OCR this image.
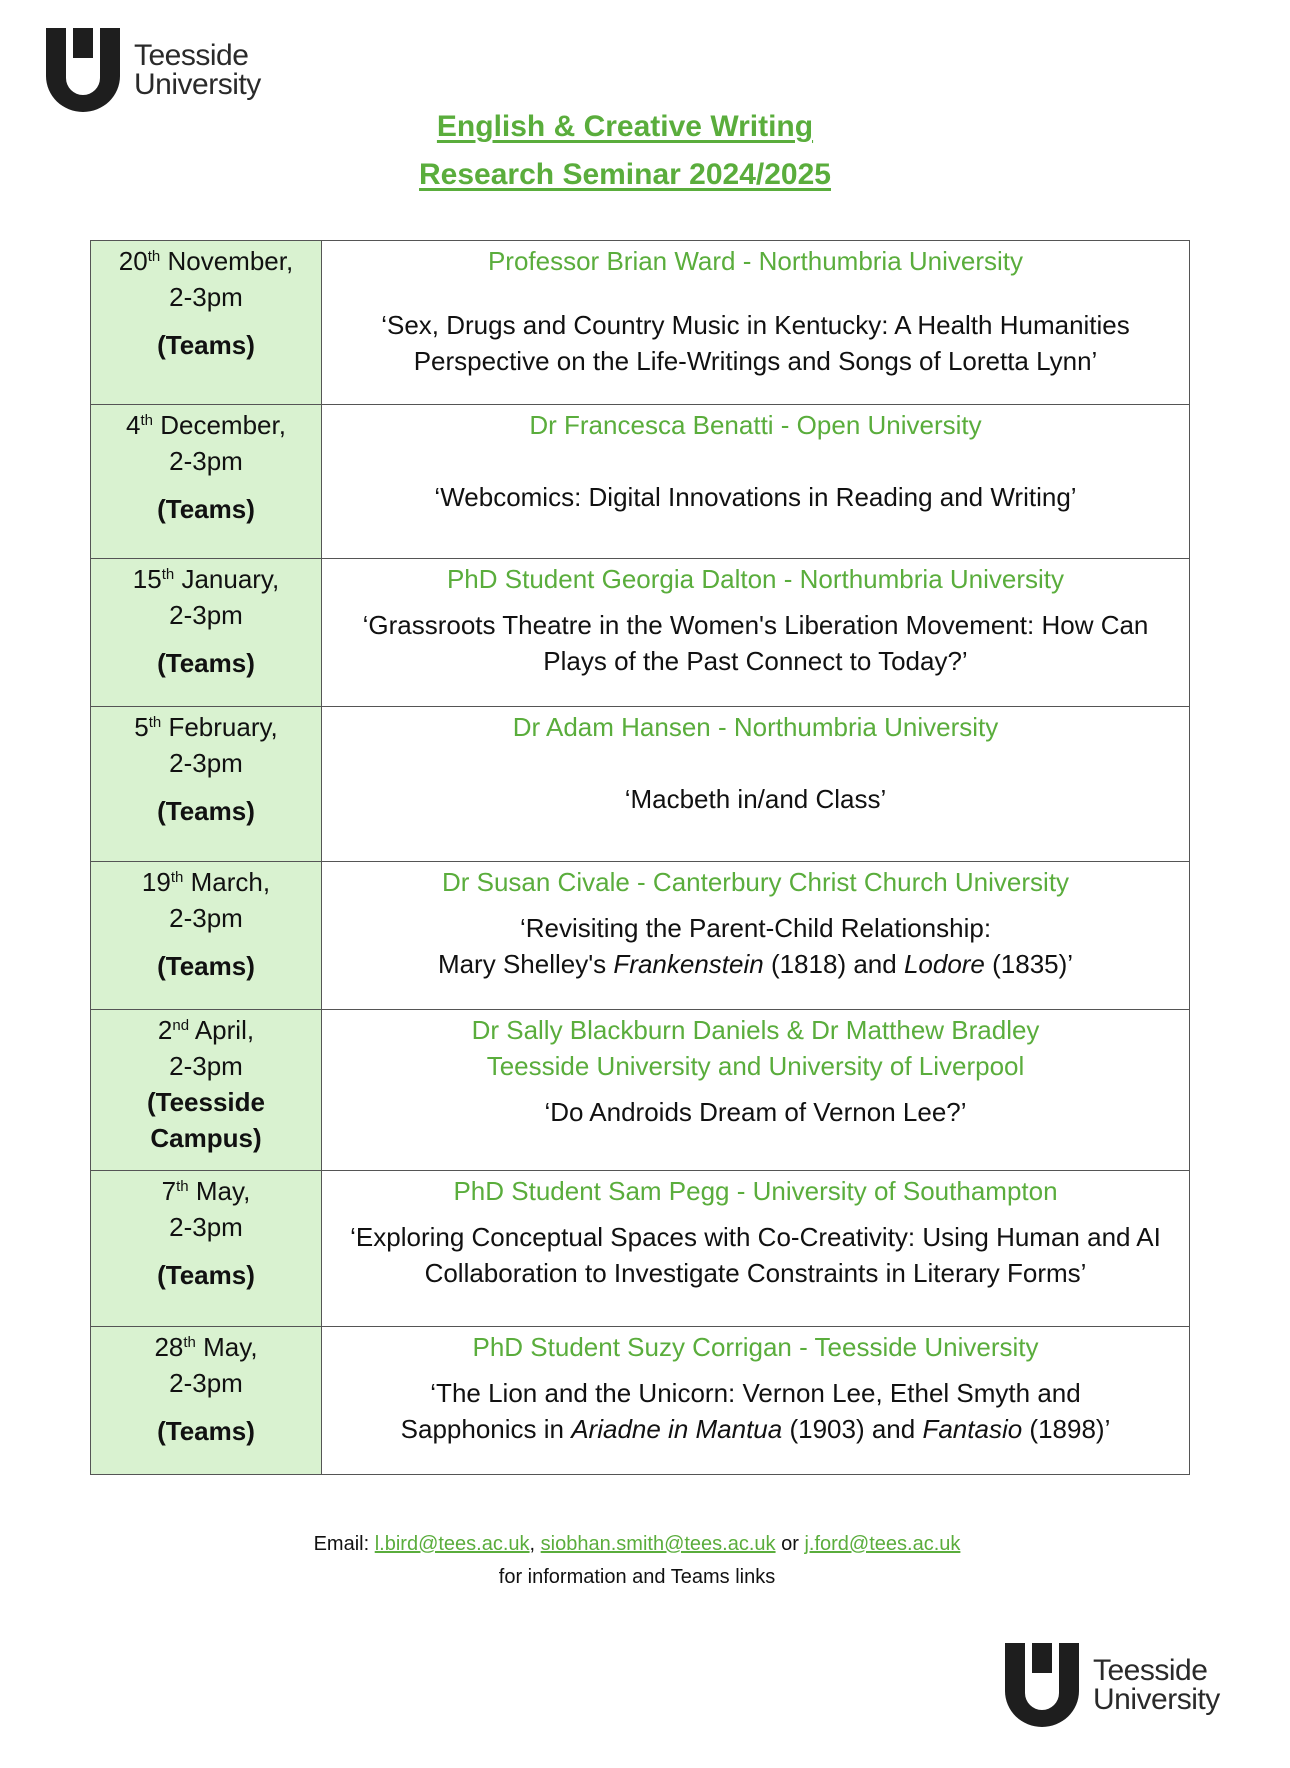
Teesside
University
English & Creative Writing
Research Seminar 2024/2025
20th November,
2-3pm
(Teams)	Professor Brian Ward - Northumbria University
‘Sex, Drugs and Country Music in Kentucky: A Health Humanities Perspective on the Life-Writings and Songs of Loretta Lynn’

4th December,
2-3pm
(Teams)	Dr Francesca Benatti - Open University
‘Webcomics: Digital Innovations in Reading and Writing’

15th January,
2-3pm
(Teams)	PhD Student Georgia Dalton - Northumbria University
‘Grassroots Theatre in the Women's Liberation Movement: How Can Plays of the Past Connect to Today?’

5th February,
2-3pm
(Teams)	Dr Adam Hansen - Northumbria University
‘Macbeth in/and Class’

19th March,
2-3pm
(Teams)	Dr Susan Civale - Canterbury Christ Church University
‘Revisiting the Parent-Child Relationship:
Mary Shelley's Frankenstein (1818) and Lodore (1835)’

2nd April,
2-3pm
(Teesside
Campus)	Dr Sally Blackburn Daniels & Dr Matthew Bradley
Teesside University and University of Liverpool
‘Do Androids Dream of Vernon Lee?’

7th May,
2-3pm
(Teams)	PhD Student Sam Pegg - University of Southampton
‘Exploring Conceptual Spaces with Co-Creativity: Using Human and AI Collaboration to Investigate Constraints in Literary Forms’

28th May,
2-3pm
(Teams)	PhD Student Suzy Corrigan - Teesside University
‘The Lion and the Unicorn: Vernon Lee, Ethel Smyth and
Sapphonics in Ariadne in Mantua (1903) and Fantasio (1898)’
Email: l.bird@tees.ac.uk, siobhan.smith@tees.ac.uk or j.ford@tees.ac.uk
for information and Teams links
Teesside
University
